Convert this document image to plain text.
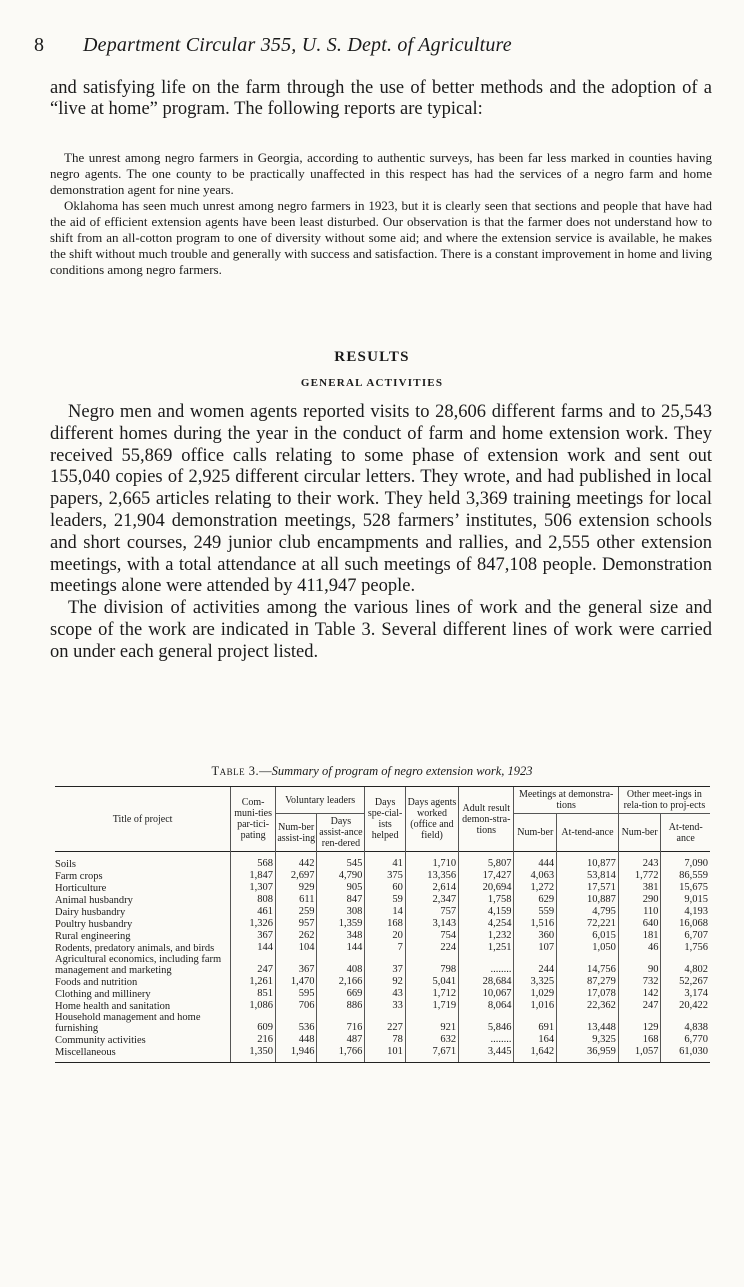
8 Department Circular 355, U. S. Dept. of Agriculture
and satisfying life on the farm through the use of better methods and the adoption of a “live at home” program. The following reports are typical:

The unrest among negro farmers in Georgia, according to authentic surveys, has been far less marked in counties having negro agents. The one county to be practically unaffected in this respect has had the services of a negro farm and home demonstration agent for nine years.

Oklahoma has seen much unrest among negro farmers in 1923, but it is clearly seen that sections and people that have had the aid of efficient extension agents have been least disturbed. Our observation is that the farmer does not understand how to shift from an all-cotton program to one of diversity without some aid; and where the extension service is available, he makes the shift without much trouble and generally with success and satisfaction. There is a constant improvement in home and living conditions among negro farmers.

RESULTS
GENERAL ACTIVITIES

Negro men and women agents reported visits to 28,606 different farms and to 25,543 different homes during the year in the conduct of farm and home extension work. They received 55,869 office calls relating to some phase of extension work and sent out 155,040 copies of 2,925 different circular letters. They wrote, and had published in local papers, 2,665 articles relating to their work. They held 3,369 training meetings for local leaders, 21,904 demonstration meetings, 528 farmers’ institutes, 506 extension schools and short courses, 249 junior club encampments and rallies, and 2,555 other extension meetings, with a total attendance at all such meetings of 847,108 people. Demonstration meetings alone were attended by 411,947 people.

The division of activities among the various lines of work and the general size and scope of the work are indicated in Table 3. Several different lines of work were carried on under each general project listed.

Table 3.—Summary of program of negro extension work, 1923
Title of project	Com-muni-ties par-tici-pating	Voluntary leaders		Days spe-cial-ists helped	Days agents worked (office and field)	Adult result demon-stra-tions	Meetings at demonstra-tions		Other meet-ings in rela-tion to proj-ects	
		Num-ber assist-ing	Days assist-ance ren-dered				Num-ber	At-tend-ance	Num-ber	At-tend-ance
Soils	568	442	545	41	1,710	5,807	444	10,877	243	7,090
Farm crops	1,847	2,697	4,790	375	13,356	17,427	4,063	53,814	1,772	86,559
Horticulture	1,307	929	905	60	2,614	20,694	1,272	17,571	381	15,675
Animal husbandry	808	611	847	59	2,347	1,758	629	10,887	290	9,015
Dairy husbandry	461	259	308	14	757	4,159	559	4,795	110	4,193
Poultry husbandry	1,326	957	1,359	168	3,143	4,254	1,516	72,221	640	16,068
Rural engineering	367	262	348	20	754	1,232	360	6,015	181	6,707
Rodents, predatory animals, and birds	144	104	144	7	224	1,251	107	1,050	46	1,756
Agricultural economics, including farm management and marketing	247	367	408	37	798	........	244	14,756	90	4,802
Foods and nutrition	1,261	1,470	2,166	92	5,041	28,684	3,325	87,279	732	52,267
Clothing and millinery	851	595	669	43	1,712	10,067	1,029	17,078	142	3,174
Home health and sanitation	1,086	706	886	33	1,719	8,064	1,016	22,362	247	20,422
Household management and home furnishing	609	536	716	227	921	5,846	691	13,448	129	4,838
Community activities	216	448	487	78	632	........	164	9,325	168	6,770
Miscellaneous	1,350	1,946	1,766	101	7,671	3,445	1,642	36,959	1,057	61,030
